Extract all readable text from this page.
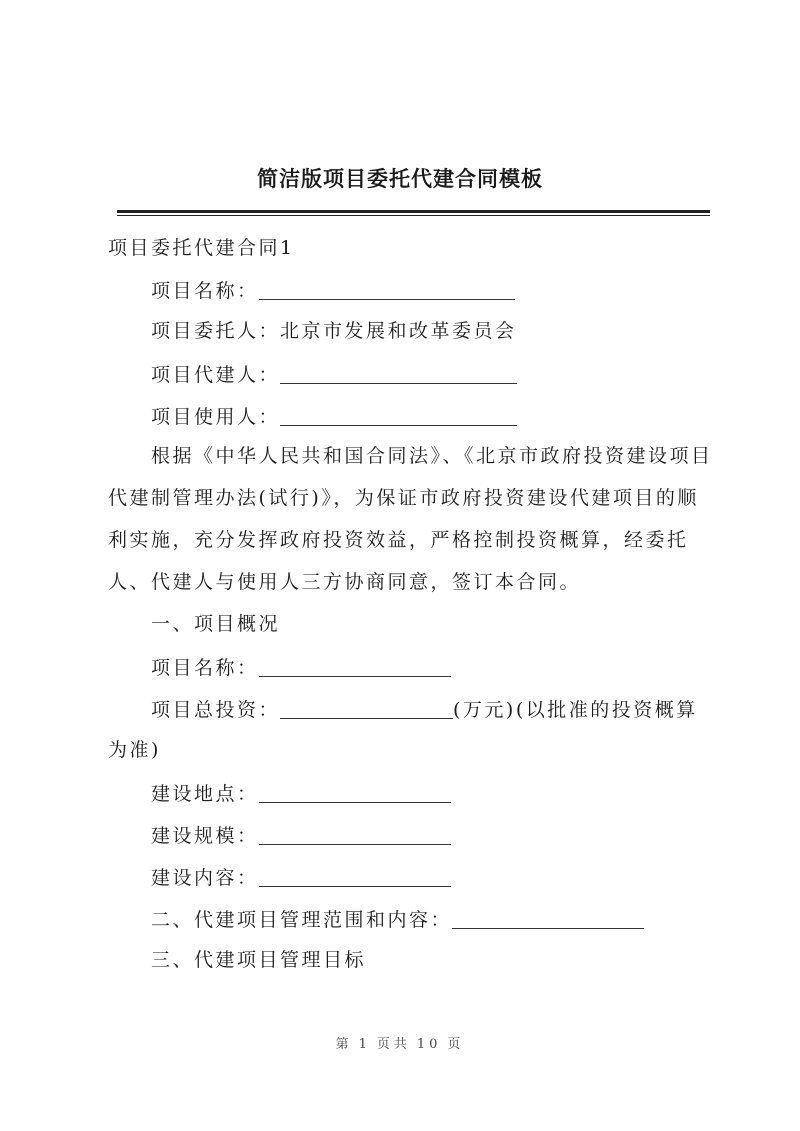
简洁版项目委托代建合同模板
项目委托代建合同1
项目名称：
项目委托人：北京市发展和改革委员会
项目代建人：
项目使用人：
根据《中华人民共和国合同法》、《北京市政府投资建设项目
代建制管理办法(试行)》，为保证市政府投资建设代建项目的顺
利实施，充分发挥政府投资效益，严格控制投资概算，经委托
人、代建人与使用人三方协商同意，签订本合同。
一、项目概况
项目名称：
项目总投资：	(万元)(以批准的投资概算
为准)
建设地点：
建设规模：
建设内容：
二、代建项目管理范围和内容：
三、代建项目管理目标
第 1 页共 10 页
